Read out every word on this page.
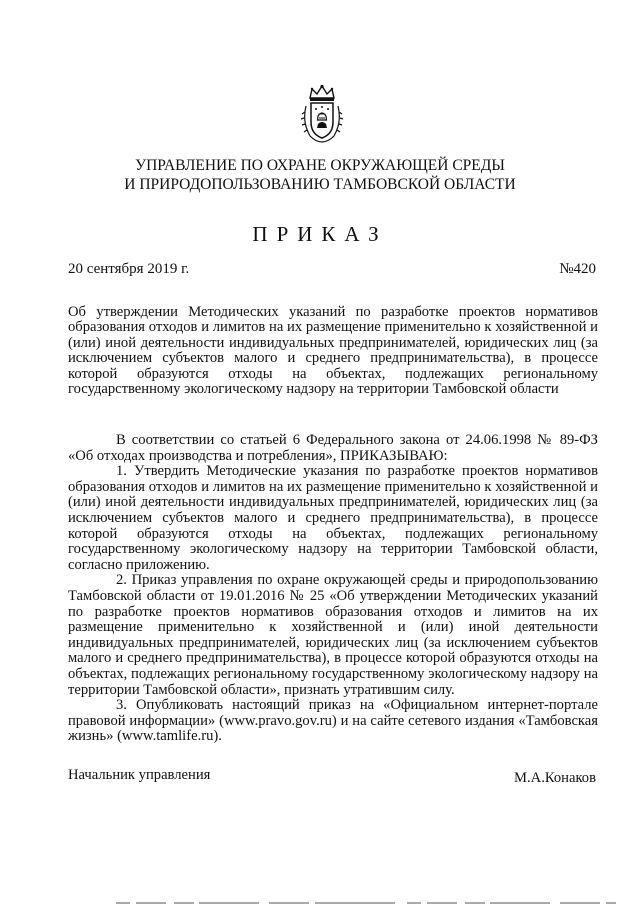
УПРАВЛЕНИЕ ПО ОХРАНЕ ОКРУЖАЮЩЕЙ СРЕДЫ
И ПРИРОДОПОЛЬЗОВАНИЮ ТАМБОВСКОЙ ОБЛАСТИ
ПРИКАЗ
20 сентября 2019 г.	№420
Об утверждении Методических указаний по разработке проектов нормативов образования отходов и лимитов на их размещение применительно к хозяйственной и (или) иной деятельности индивидуальных предпринимателей, юридических лиц (за исключением субъектов малого и среднего предпринимательства), в процессе которой образуются отходы на объектах, подлежащих региональному государственному экологическому надзору на территории Тамбовской области

В соответствии со статьей 6 Федерального закона от 24.06.1998 № 89-ФЗ «Об отходах производства и потребления», ПРИКАЗЫВАЮ:

1. Утвердить Методические указания по разработке проектов нормативов образования отходов и лимитов на их размещение применительно к хозяйственной и (или) иной деятельности индивидуальных предпринимателей, юридических лиц (за исключением субъектов малого и среднего предпринимательства), в процессе которой образуются отходы на объектах, подлежащих региональному государственному экологическому надзору на территории Тамбовской области, согласно приложению.

2. Приказ управления по охране окружающей среды и природопользованию Тамбовской области от 19.01.2016 № 25 «Об утверждении Методических указаний по разработке проектов нормативов образования отходов и лимитов на их размещение применительно к хозяйственной и (или) иной деятельности индивидуальных предпринимателей, юридических лиц (за исключением субъектов малого и среднего предпринимательства), в процессе которой образуются отходы на объектах, подлежащих региональному государственному экологическому надзору на территории Тамбовской области», признать утратившим силу.

3. Опубликовать настоящий приказ на «Официальном интернет-портале правовой информации» (www.pravo.gov.ru) и на сайте сетевого издания «Тамбовская жизнь» (www.tamlife.ru).

Начальник управления	М.А.Конаков
